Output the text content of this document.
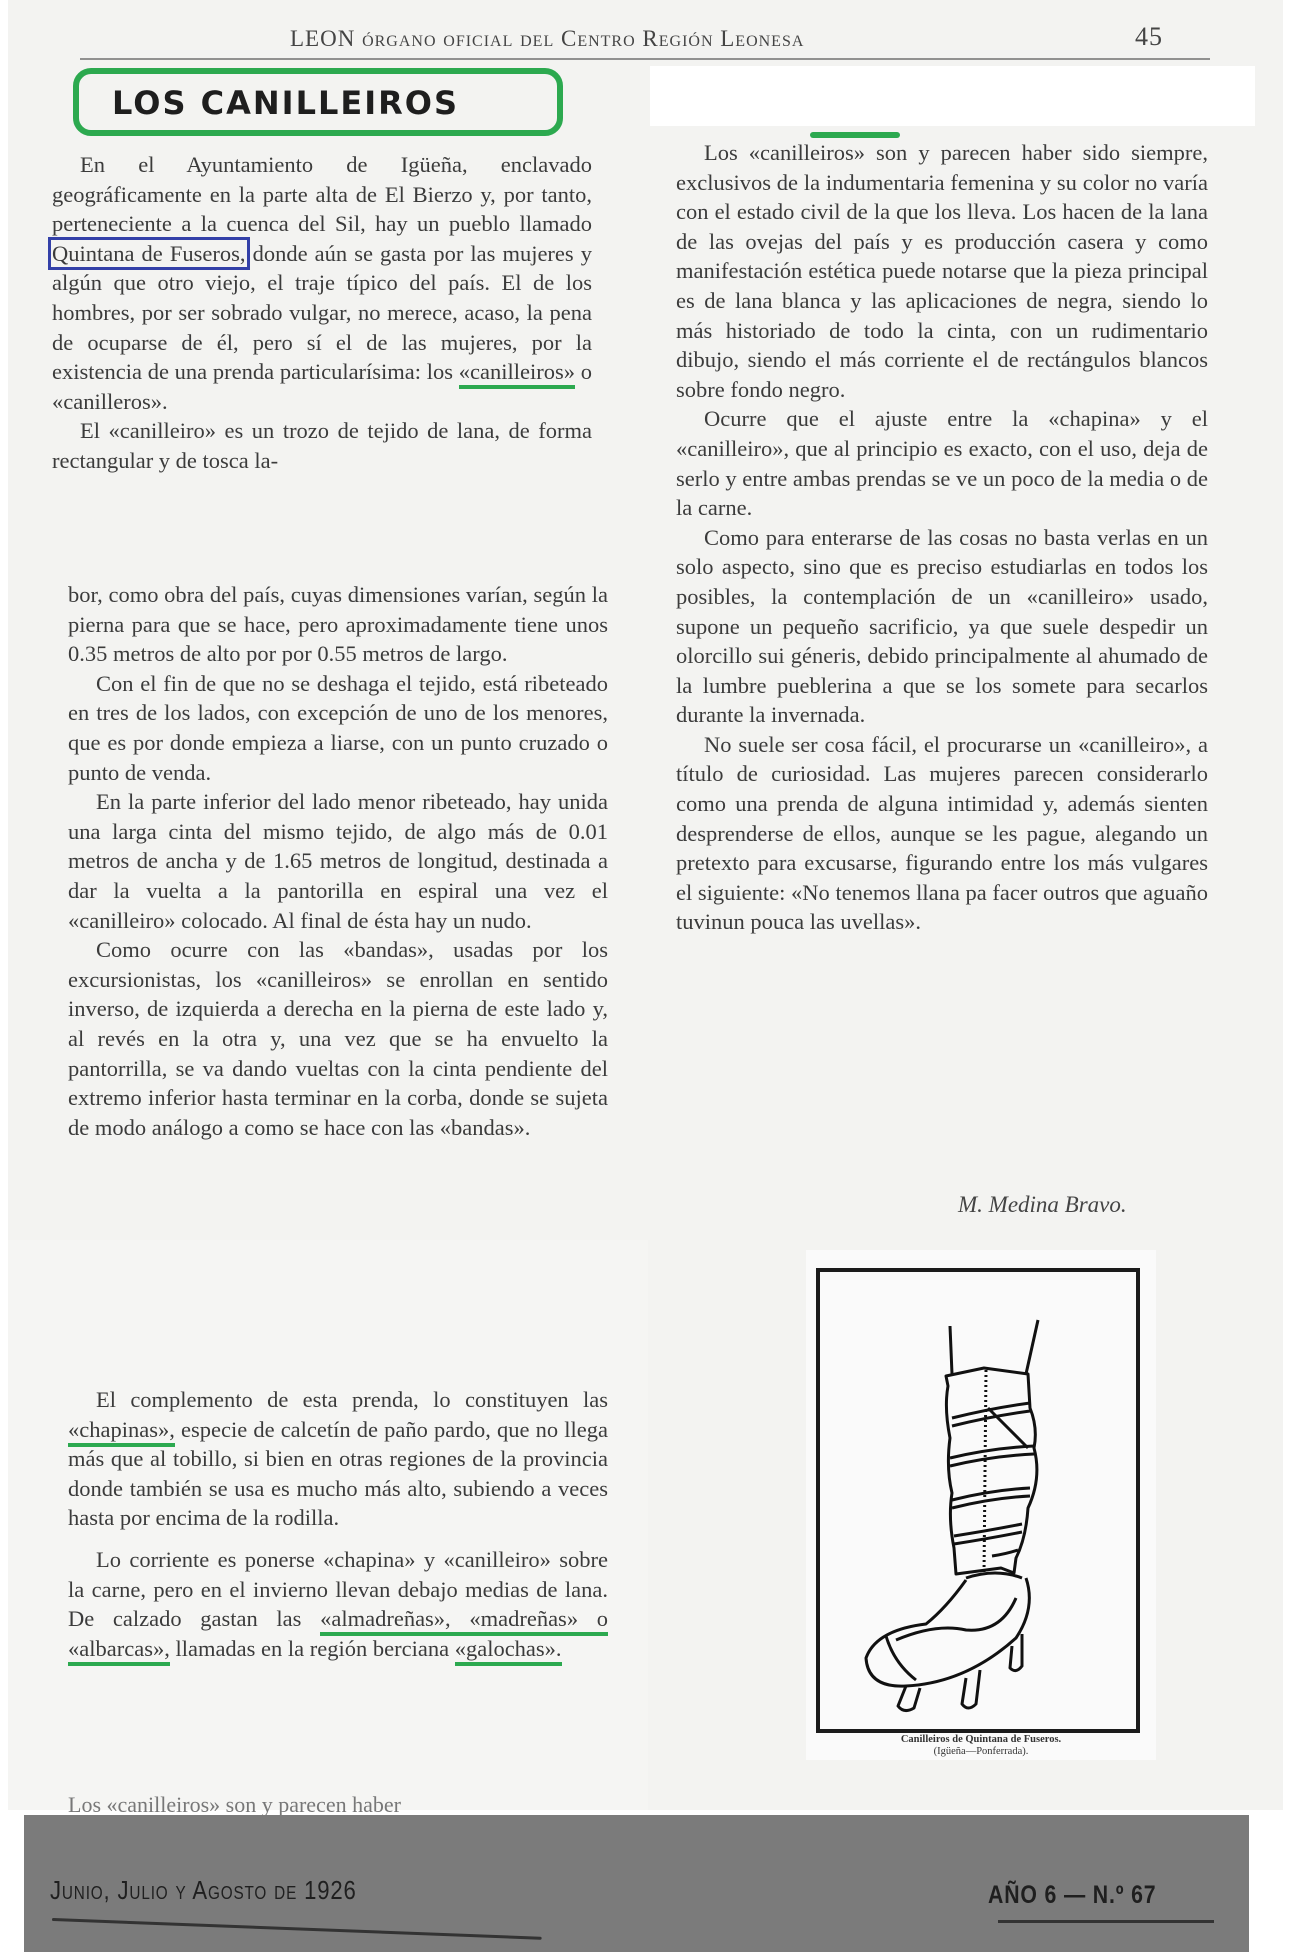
LEON órgano oficial del Centro Región Leonesa	45
LOS CANILLEIROS

En el Ayuntamiento de Igüeña, enclavado geográficamente en la parte alta de El Bierzo y, por tanto, perteneciente a la cuenca del Sil, hay un pueblo llamado Quintana de Fuseros, donde aún se gasta por las mujeres y algún que otro viejo, el traje típico del país. El de los hombres, por ser sobrado vulgar, no merece, acaso, la pena de ocuparse de él, pero sí el de las mujeres, por la existencia de una prenda particularísima: los «canilleiros» o «canilleros».

El «canilleiro» es un trozo de tejido de lana, de forma rectangular y de tosca la-

bor, como obra del país, cuyas dimensiones varían, según la pierna para que se hace, pero aproximadamente tiene unos 0.35 metros de alto por por 0.55 metros de largo.

Con el fin de que no se deshaga el tejido, está ribeteado en tres de los lados, con excepción de uno de los menores, que es por donde empieza a liarse, con un punto cruzado o punto de venda.

En la parte inferior del lado menor ribeteado, hay unida una larga cinta del mismo tejido, de algo más de 0.01 metros de ancha y de 1.65 metros de longitud, destinada a dar la vuelta a la pantorilla en espiral una vez el «canilleiro» colocado. Al final de ésta hay un nudo.

Como ocurre con las «bandas», usadas por los excursionistas, los «canilleiros» se enrollan en sentido inverso, de izquierda a derecha en la pierna de este lado y, al revés en la otra y, una vez que se ha envuelto la pantorrilla, se va dando vueltas con la cinta pendiente del extremo inferior hasta terminar en la corba, donde se sujeta de modo análogo a como se hace con las «bandas».

El complemento de esta prenda, lo constituyen las «chapinas», especie de calcetín de paño pardo, que no llega más que al tobillo, si bien en otras regiones de la provincia donde también se usa es mucho más alto, subiendo a veces hasta por encima de la rodilla.

Lo corriente es ponerse «chapina» y «canilleiro» sobre la carne, pero en el invierno llevan debajo medias de lana. De calzado gastan las «almadreñas», «madreñas» o «albarcas», llamadas en la región berciana «galochas».

Los «canilleiros» son y parecen haber sido siempre, exclusivos de la indumentaria femenina y su color no varía con el estado civil de la que los lleva. Los hacen de la lana de las ovejas del país y es producción casera y como manifestación estética puede notarse que la pieza principal es de lana blanca y las aplicaciones de negra, siendo lo más historiado de todo la cinta, con un rudimentario dibujo, siendo el más corriente el de rectángulos blancos sobre fondo negro.

Ocurre que el ajuste entre la «chapina» y el «canilleiro», que al principio es exacto, con el uso, deja de serlo y entre ambas prendas se ve un poco de la media o de la carne.

Como para enterarse de las cosas no basta verlas en un solo aspecto, sino que es preciso estudiarlas en todos los posibles, la contemplación de un «canilleiro» usado, supone un pequeño sacrificio, ya que suele despedir un olorcillo sui géneris, debido principalmente al ahumado de la lumbre pueblerina a que se los somete para secarlos durante la invernada.

No suele ser cosa fácil, el procurarse un «canilleiro», a título de curiosidad. Las mujeres parecen considerarlo como una prenda de alguna intimidad y, además sienten desprenderse de ellos, aunque se les pague, alegando un pretexto para excusarse, figurando entre los más vulgares el siguiente: «No tenemos llana pa facer outros que aguaño tuvinun pouca las uvellas».

M. Medina Bravo.
Canilleiros de Quintana de Fuseros.
(Igüeña—Ponferrada).
Junio, Julio y Agosto de 1926	AÑO 6 — N.º 67
